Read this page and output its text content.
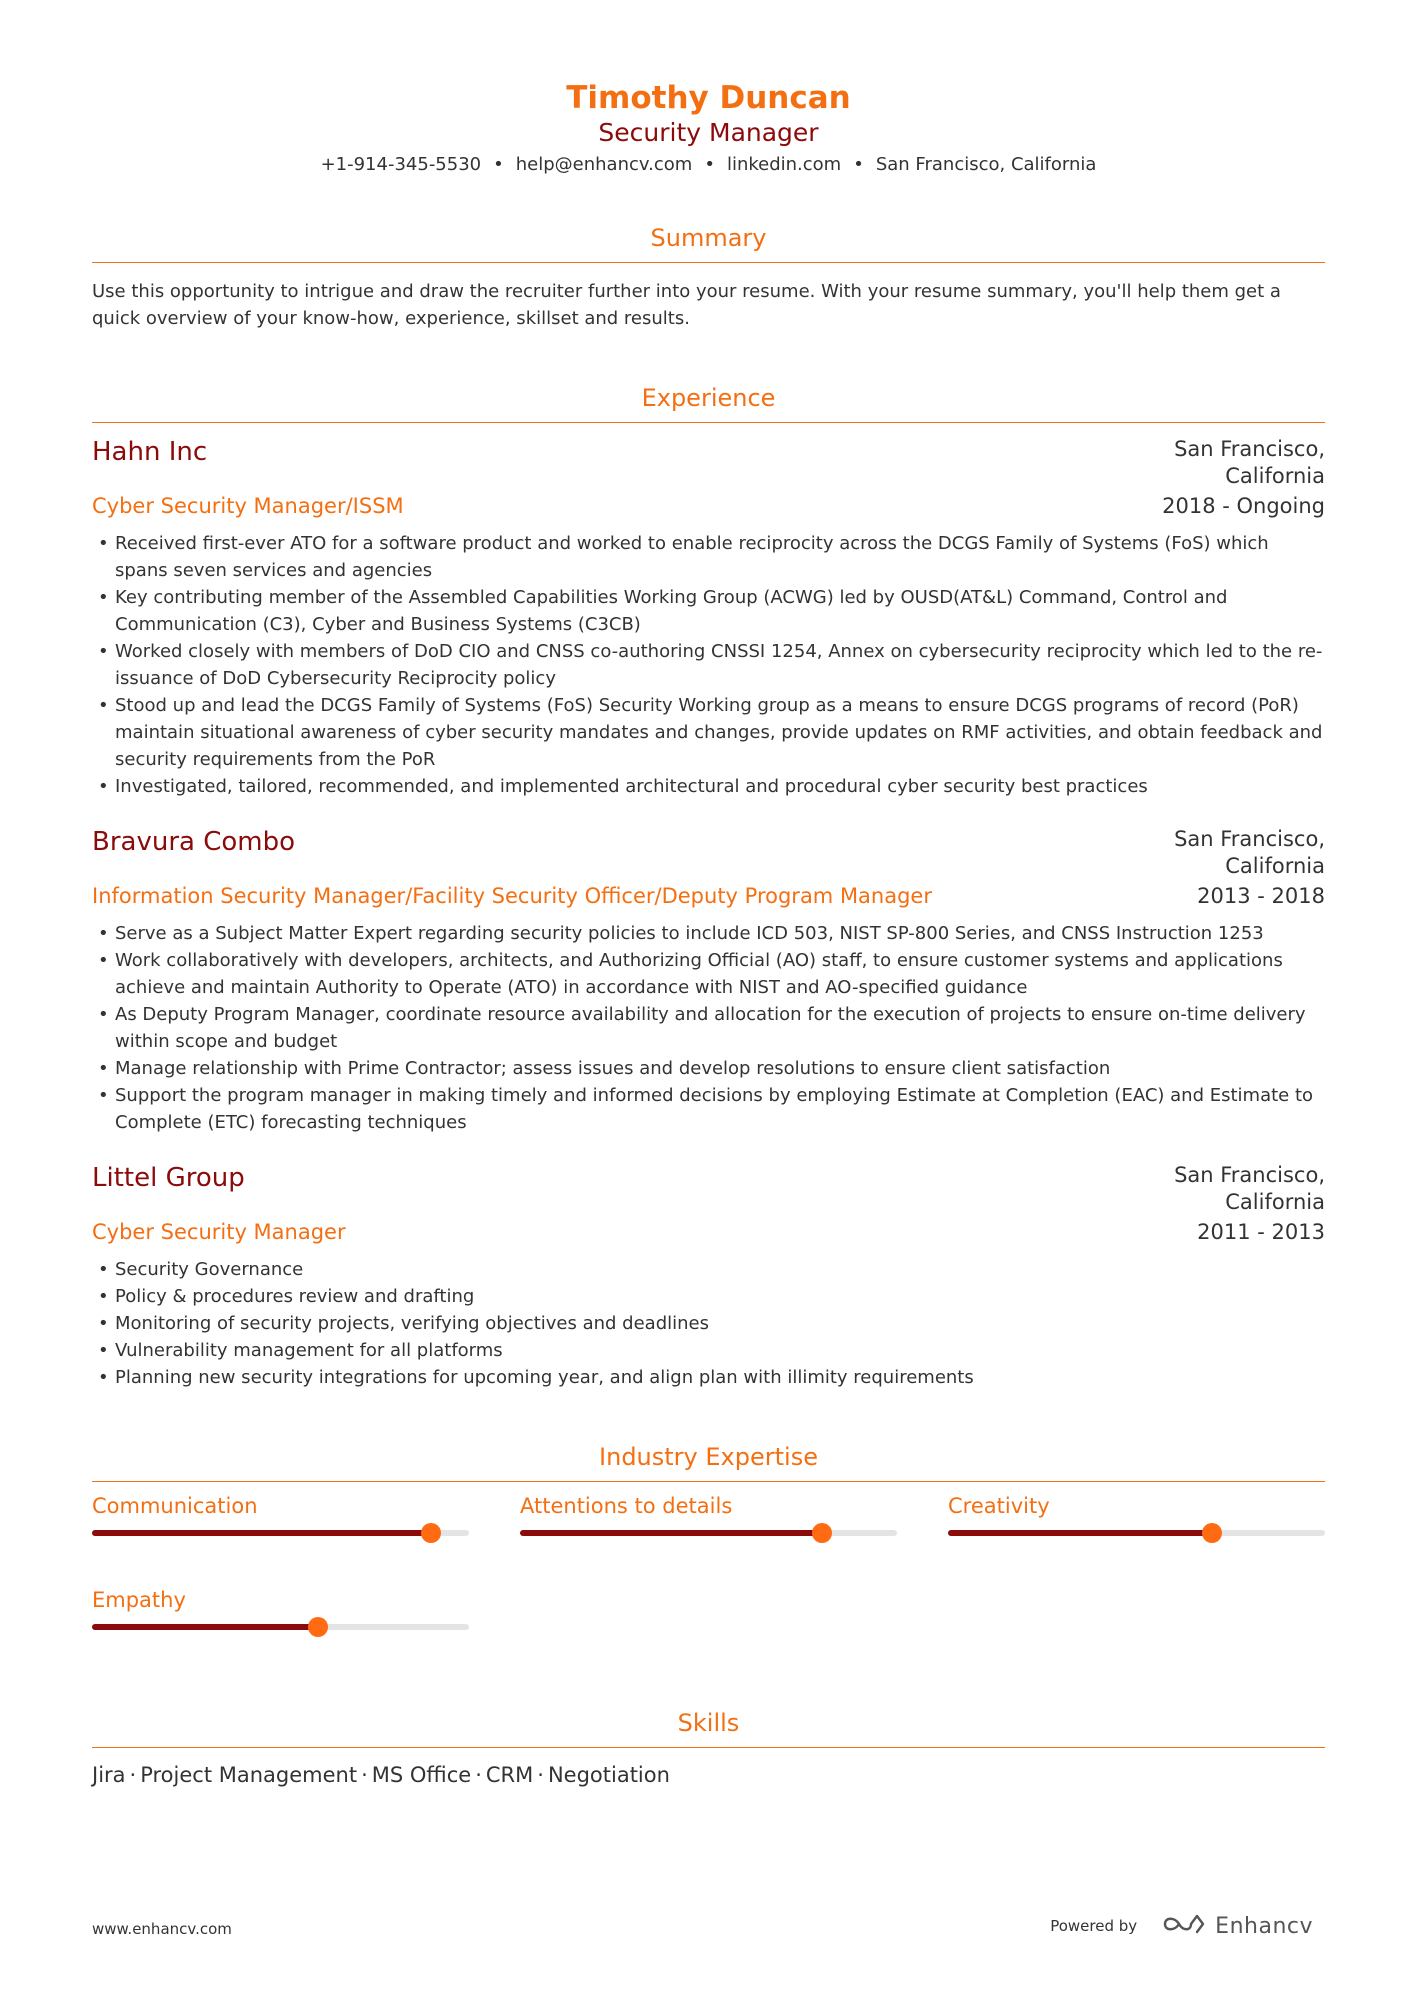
Timothy Duncan
Security Manager
+1-914-345-5530 • help@enhancv.com • linkedin.com • San Francisco, California
Summary
Use this opportunity to intrigue and draw the recruiter further into your resume. With your resume summary, you'll help them get a quick overview of your know-how, experience, skillset and results.
Experience
Hahn Inc	San Francisco,
California
Cyber Security Manager/ISSM	2018 - Ongoing
• Received first-ever ATO for a software product and worked to enable reciprocity across the DCGS Family of Systems (FoS) which spans seven services and agencies
• Key contributing member of the Assembled Capabilities Working Group (ACWG) led by OUSD(AT&L) Command, Control and Communication (C3), Cyber and Business Systems (C3CB)
• Worked closely with members of DoD CIO and CNSS co-authoring CNSSI 1254, Annex on cybersecurity reciprocity which led to the re-issuance of DoD Cybersecurity Reciprocity policy
• Stood up and lead the DCGS Family of Systems (FoS) Security Working group as a means to ensure DCGS programs of record (PoR) maintain situational awareness of cyber security mandates and changes, provide updates on RMF activities, and obtain feedback and security requirements from the PoR
• Investigated, tailored, recommended, and implemented architectural and procedural cyber security best practices
Bravura Combo	San Francisco,
California
Information Security Manager/Facility Security Officer/Deputy Program Manager	2013 - 2018
• Serve as a Subject Matter Expert regarding security policies to include ICD 503, NIST SP-800 Series, and CNSS Instruction 1253
• Work collaboratively with developers, architects, and Authorizing Official (AO) staff, to ensure customer systems and applications achieve and maintain Authority to Operate (ATO) in accordance with NIST and AO-specified guidance
• As Deputy Program Manager, coordinate resource availability and allocation for the execution of projects to ensure on-time delivery within scope and budget
• Manage relationship with Prime Contractor; assess issues and develop resolutions to ensure client satisfaction
• Support the program manager in making timely and informed decisions by employing Estimate at Completion (EAC) and Estimate to Complete (ETC) forecasting techniques
Littel Group	San Francisco,
California
Cyber Security Manager	2011 - 2013
• Security Governance
• Policy & procedures review and drafting
• Monitoring of security projects, verifying objectives and deadlines
• Vulnerability management for all platforms
• Planning new security integrations for upcoming year, and align plan with illimity requirements
Industry Expertise
Communication	Attentions to details	Creativity
Empathy
Skills
Jira · Project Management · MS Office · CRM · Negotiation
www.enhancv.com	Powered by	Enhancv
